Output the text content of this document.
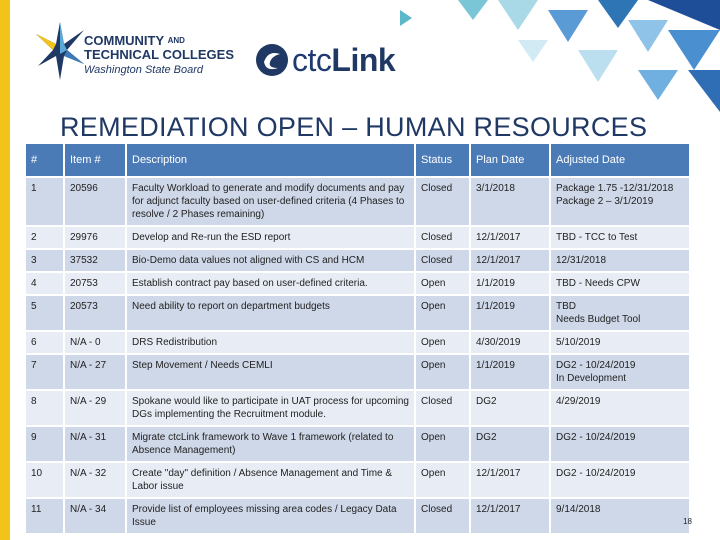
COMMUNITY $^{AND}$
TECHNICAL COLLEGES
Washington State Board	ctcLink
REMEDIATION OPEN – HUMAN RESOURCES
#	Item #	Description	Status	Plan Date	Adjusted Date
1	20596	Faculty Workload to generate and modify documents and pay for adjunct faculty based on user-defined criteria (4 Phases to resolve / 2 Phases remaining)	Closed	3/1/2018	Package 1.75 -12/31/2018
Package 2 – 3/1/2019

2	29976	Develop and Re-run the ESD report	Closed	12/1/2017	TBD - TCC to Test

3	37532	Bio-Demo data values not aligned with CS and HCM	Closed	12/1/2017	12/31/2018

4	20753	Establish contract pay based on user-defined criteria.	Open	1/1/2019	TBD - Needs CPW

5	20573	Need ability to report on department budgets	Open	1/1/2019	TBD
Needs Budget Tool

6	N/A - 0	DRS Redistribution	Open	4/30/2019	5/10/2019

7	N/A - 27	Step Movement / Needs CEMLI	Open	1/1/2019	DG2 - 10/24/2019
In Development

8	N/A - 29	Spokane would like to participate in UAT process for upcoming DGs implementing the Recruitment module.	Closed	DG2	4/29/2019

9	N/A - 31	Migrate ctcLink framework to Wave 1 framework (related to Absence Management)	Open	DG2	DG2 - 10/24/2019

10	N/A - 32	Create "day" definition / Absence Management and Time & Labor issue	Open	12/1/2017	DG2 - 10/24/2019

11	N/A - 34	Provide list of employees missing area codes / Legacy Data Issue	Closed	12/1/2017	9/14/2018
18
